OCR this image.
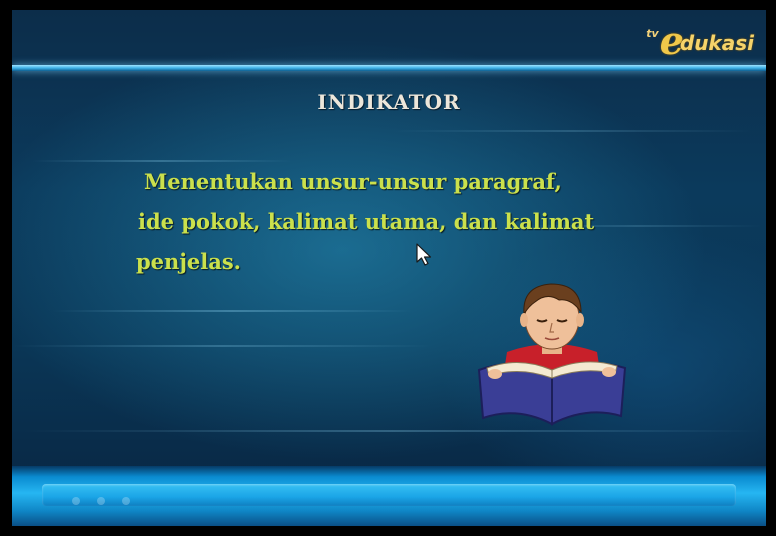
tv e
dukasi
INDIKATOR
Menentukan unsur-unsur paragraf,
ide pokok, kalimat utama, dan kalimat
penjelas.
